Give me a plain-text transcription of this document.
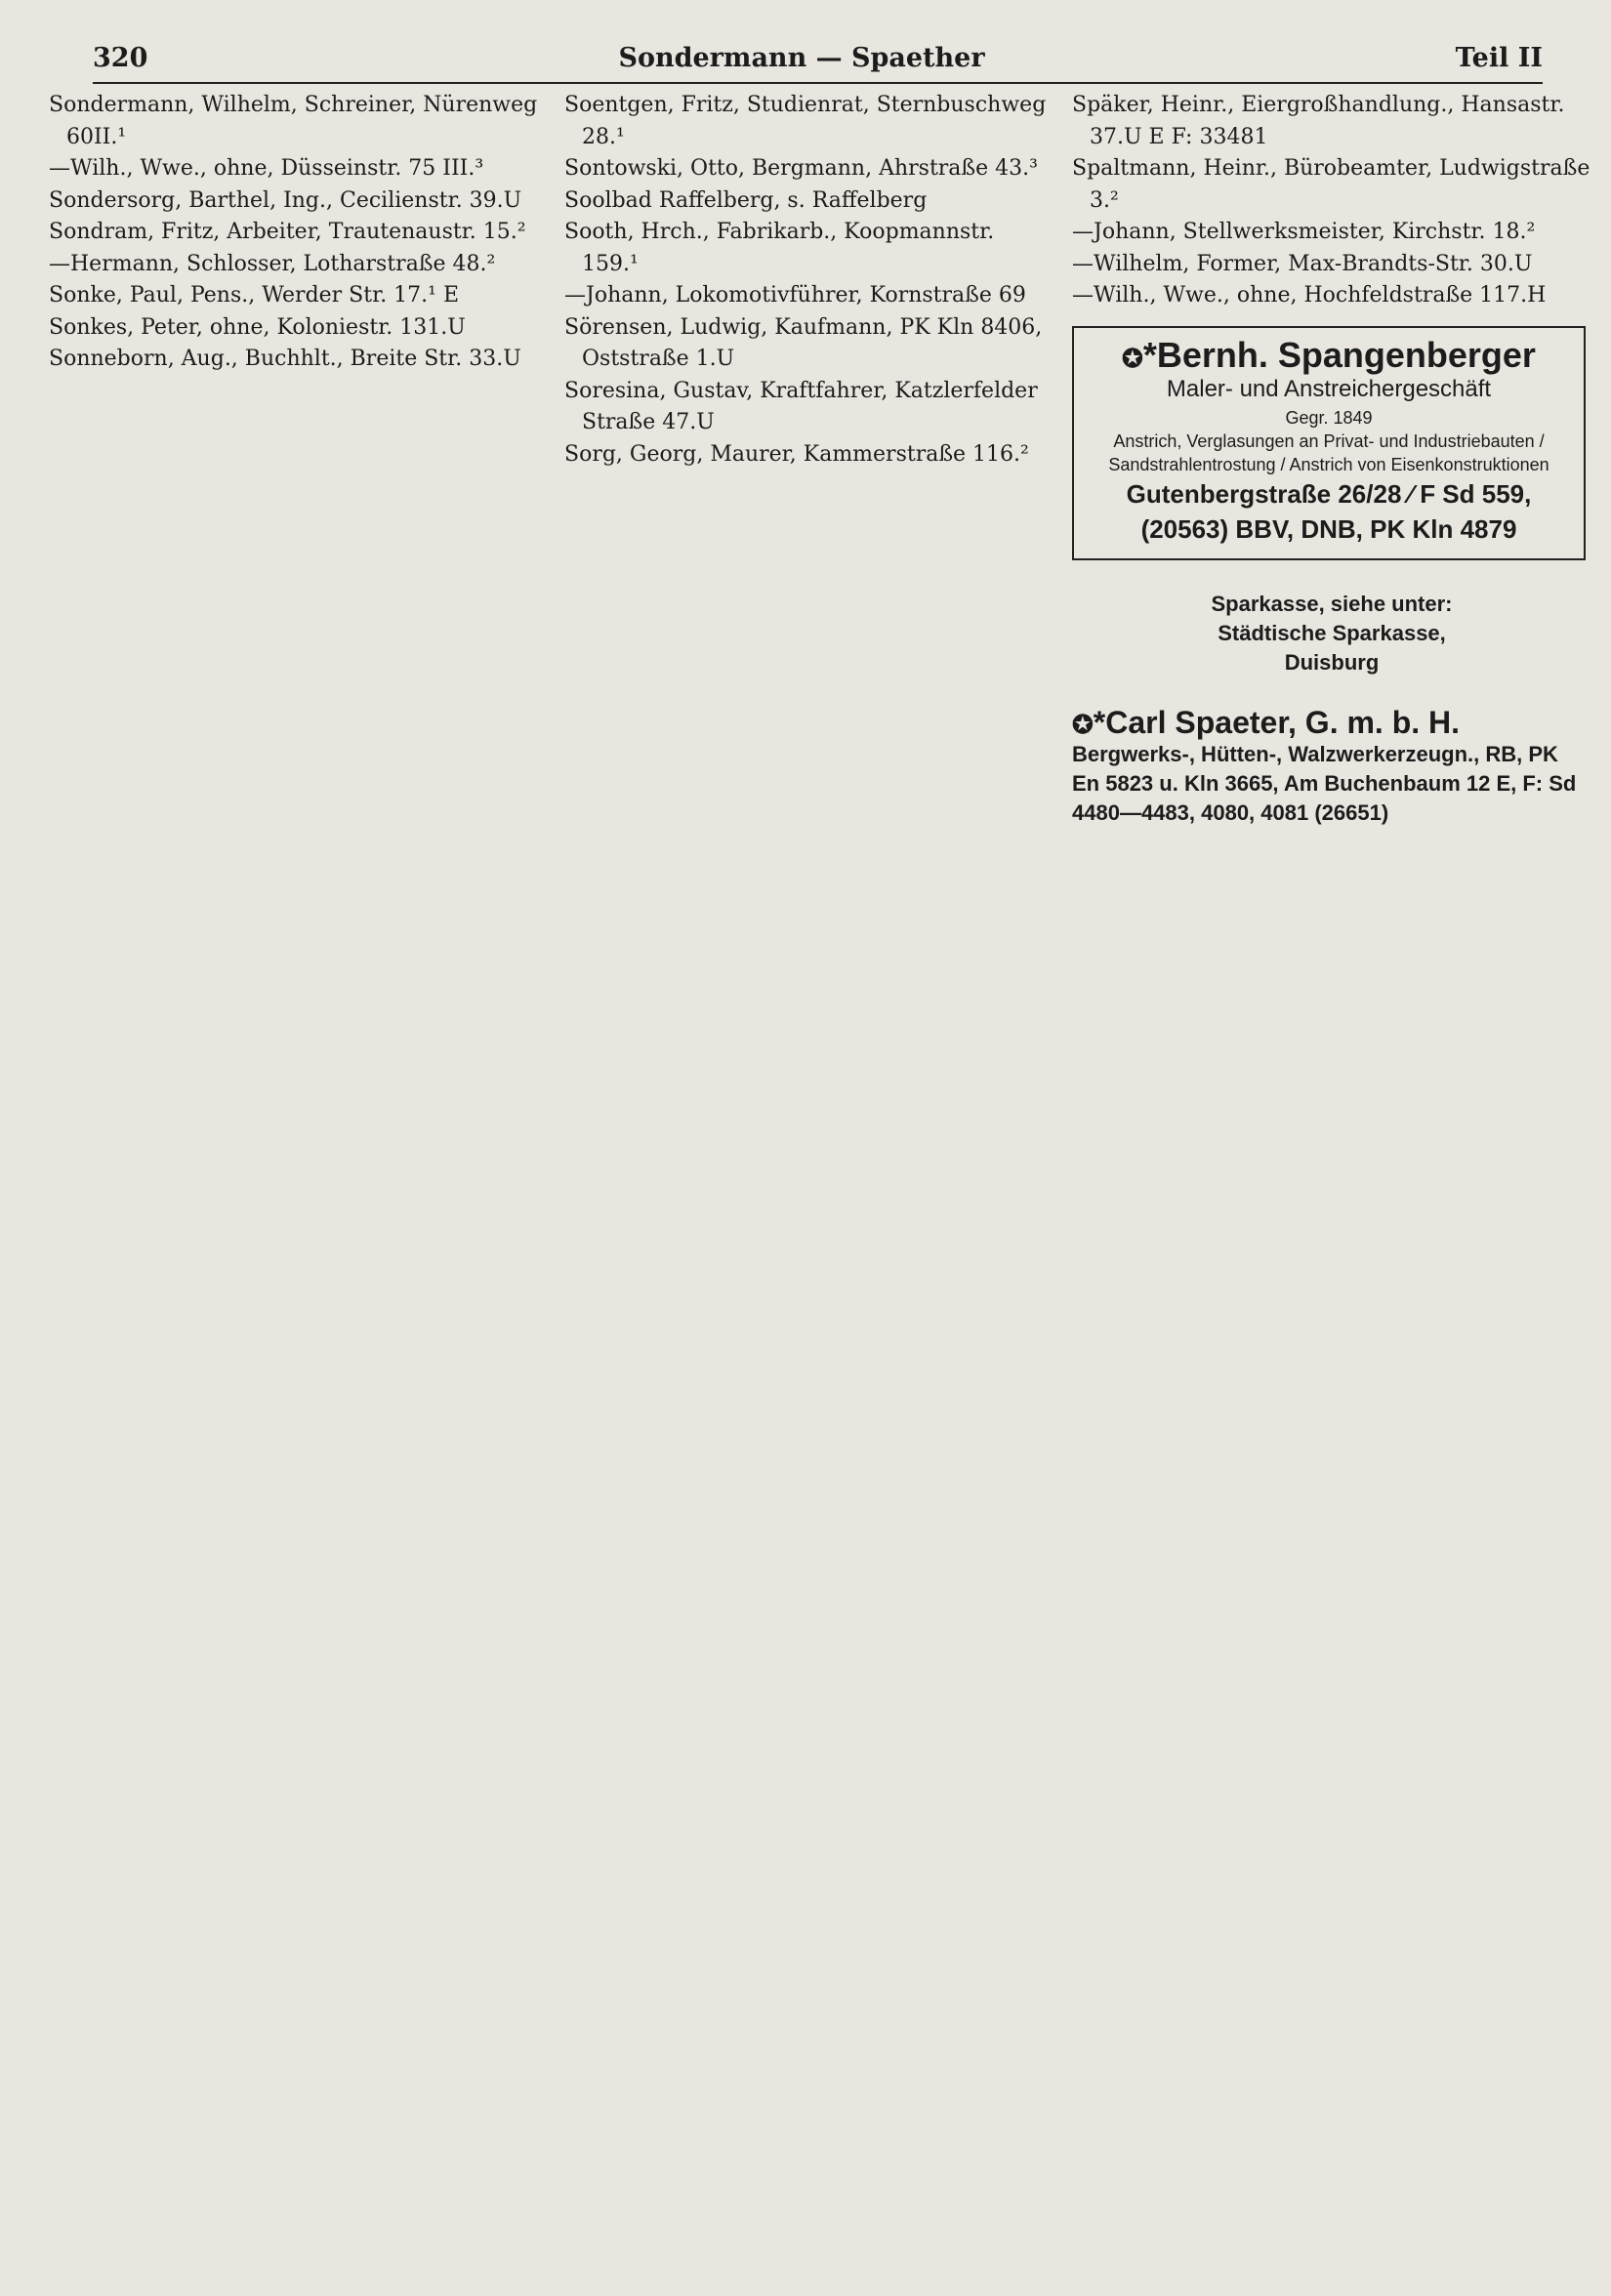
320	Sondermann — Spaether	Teil II

Sondermann, Wilhelm, Schreiner, Nürenweg 60II.¹

—Wilh., Wwe., ohne, Düsseinstr. 75 III.³

Sondersorg, Barthel, Ing., Cecilienstr. 39.U

Sondram, Fritz, Arbeiter, Trautenaustr. 15.²

—Hermann, Schlosser, Lotharstraße 48.²

Sonke, Paul, Pens., Werder Str. 17.¹ E

Sonkes, Peter, ohne, Koloniestr. 131.U

Sonneborn, Aug., Buchhlt., Breite Str. 33.U

Soentgen, Fritz, Studienrat, Sternbuschweg 28.¹

Sontowski, Otto, Bergmann, Ahrstraße 43.³

Soolbad Raffelberg, s. Raffelberg

Sooth, Hrch., Fabrikarb., Koopmannstr. 159.¹

—Johann, Lokomotivführer, Kornstraße 69

Sörensen, Ludwig, Kaufmann, PK Kln 8406, Oststraße 1.U

Soresina, Gustav, Kraftfahrer, Katzlerfelder Straße 47.U

Sorg, Georg, Maurer, Kammerstraße 116.²

Späker, Heinr., Eiergroßhandlung., Hansastr. 37.U E F: 33481

Spaltmann, Heinr., Bürobeamter, Ludwigstraße 3.²

—Johann, Stellwerksmeister, Kirchstr. 18.²

—Wilhelm, Former, Max-Brandts-Str. 30.U

—Wilh., Wwe., ohne, Hochfeldstraße 117.H

✪*Bernh. Spangenberger
Maler- und Anstreichergeschäft
Gegr. 1849
Anstrich, Verglasungen an Privat- und Industriebauten / Sandstrahlentrostung / Anstrich von Eisenkonstruktionen
Gutenbergstraße 26/28 ⁄ F Sd 559,
(20563) BBV, DNB, PK Kln 4879
Sparkasse, siehe unter:
Städtische Sparkasse,
Duisburg
✪*Carl Spaeter, G. m. b. H.
Bergwerks-, Hütten-, Walzwerkerzeugn., RB, PK En 5823 u. Kln 3665, Am Buchenbaum 12 E, F: Sd 4480—4483, 4080, 4081 (26651)
